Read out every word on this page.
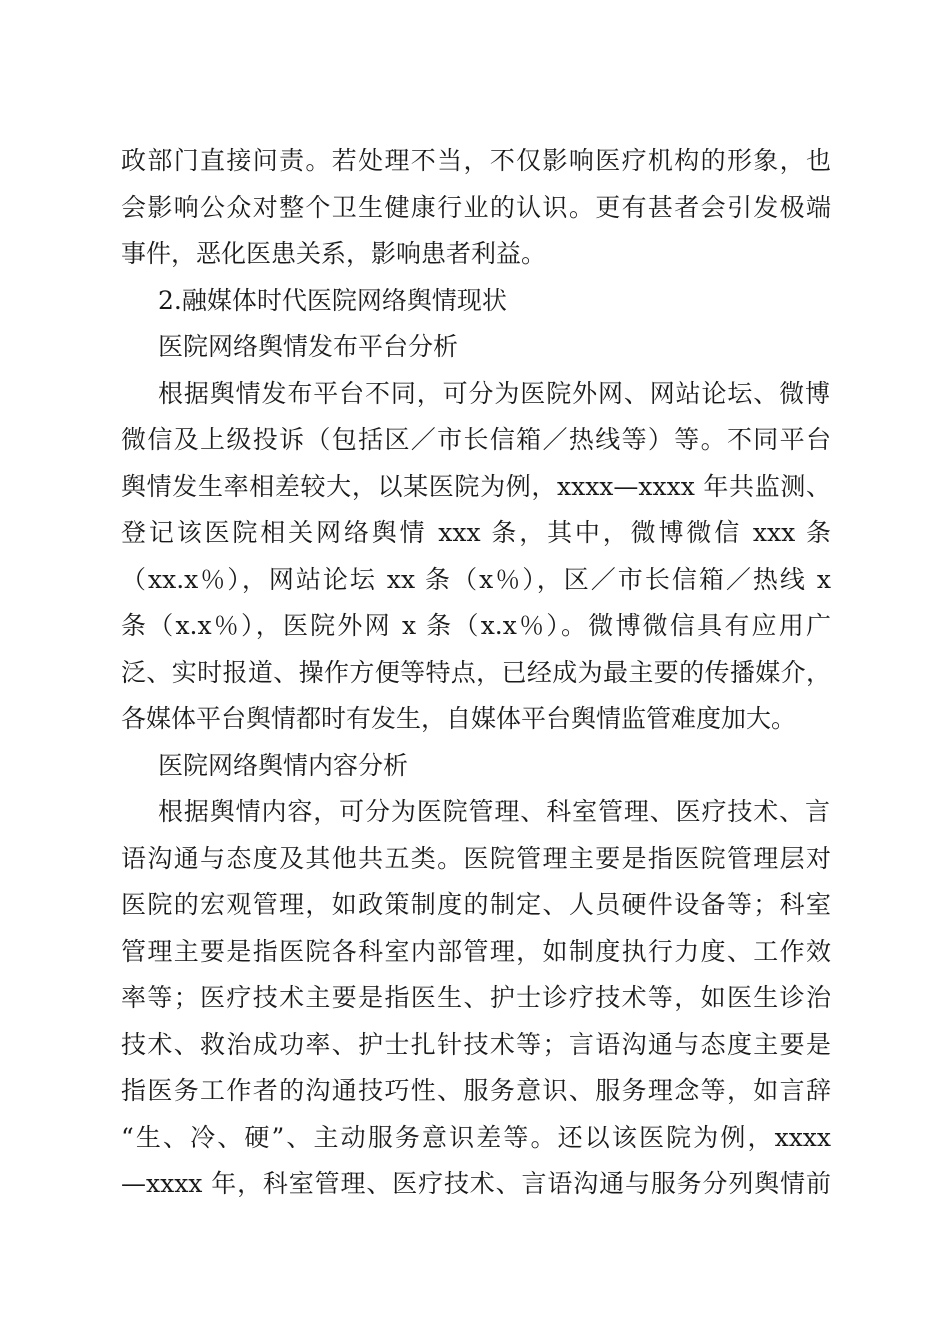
政部门直接问责。若处理不当，不仅影响医疗机构的形象，也
会影响公众对整个卫生健康行业的认识。更有甚者会引发极端
事件，恶化医患关系，影响患者利益。
2.融媒体时代医院网络舆情现状
医院网络舆情发布平台分析
根据舆情发布平台不同，可分为医院外网、网站论坛、微博
微信及上级投诉（包括区／市长信箱／热线等）等。不同平台
舆情发生率相差较大，以某医院为例，xxxx—xxxx 年共监测、
登记该医院相关网络舆情 xxx 条，其中，微博微信 xxx 条
（xx.x％），网站论坛 xx 条（x％），区／市长信箱／热线 x
条（x.x％），医院外网 x 条（x.x％）。微博微信具有应用广
泛、实时报道、操作方便等特点，已经成为最主要的传播媒介，
各媒体平台舆情都时有发生，自媒体平台舆情监管难度加大。
医院网络舆情内容分析
根据舆情内容，可分为医院管理、科室管理、医疗技术、言
语沟通与态度及其他共五类。医院管理主要是指医院管理层对
医院的宏观管理，如政策制度的制定、人员硬件设备等；科室
管理主要是指医院各科室内部管理，如制度执行力度、工作效
率等；医疗技术主要是指医生、护士诊疗技术等，如医生诊治
技术、救治成功率、护士扎针技术等；言语沟通与态度主要是
指医务工作者的沟通技巧性、服务意识、服务理念等，如言辞
“生、冷、硬”、主动服务意识差等。还以该医院为例，xxxx
—xxxx 年，科室管理、医疗技术、言语沟通与服务分列舆情前
